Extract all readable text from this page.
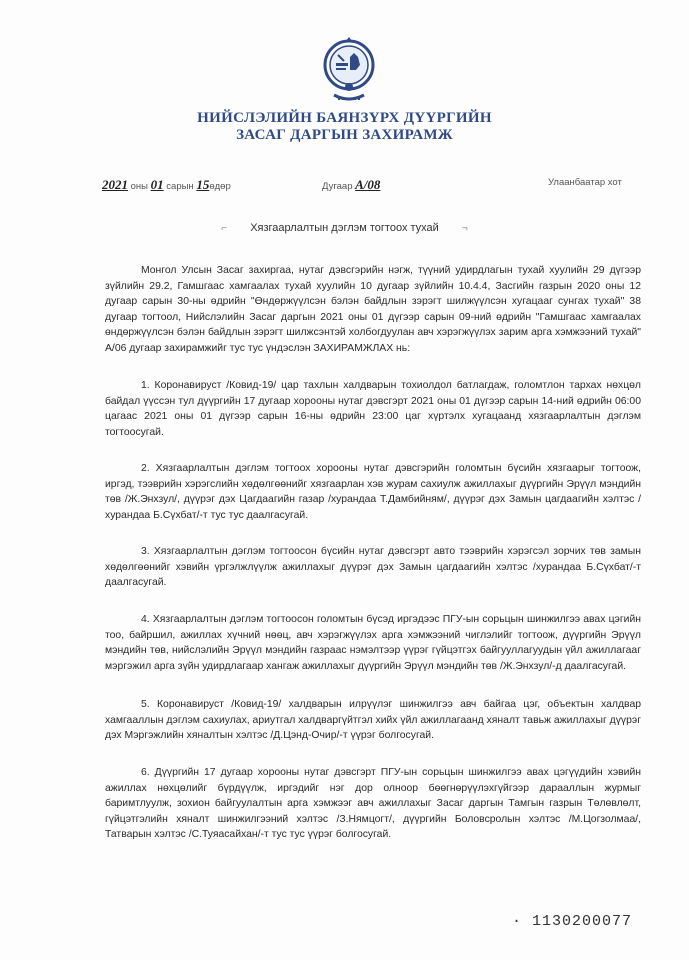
НИЙСЛЭЛИЙН БАЯНЗҮРХ ДҮҮРГИЙН
ЗАСАГ ДАРГЫН ЗАХИРАМЖ
2021 оны 01 сарын 15өдөр	Дугаар А/08	Улаанбаатар хот
⌐ Хязгаарлалтын дэглэм тогтоох тухай ¬

Монгол Улсын Засаг захиргаа, нутаг дэвсгэрийн нэгж, түүний удирдлагын тухай хуулийн 29 дүгээр зүйлийн 29.2, Гамшгаас хамгаалах тухай хуулийн 10 дугаар зүйлийн 10.4.4, Засгийн газрын 2020 оны 12 дугаар сарын 30-ны өдрийн "Өндөржүүлсэн бэлэн байдлын зэрэгт шилжүүлсэн хугацааг сунгах тухай" 38 дугаар тогтоол, Нийслэлийн Засаг даргын 2021 оны 01 дүгээр сарын 09-ний өдрийн "Гамшгаас хамгаалах өндөржүүлсэн бэлэн байдлын зэрэгт шилжсэнтэй холбогдуулан авч хэрэгжүүлэх зарим арга хэмжээний тухай" А/06 дугаар захирамжийг тус тус үндэслэн ЗАХИРАМЖЛАХ нь:

1. Коронавируст /Ковид-19/ цар тахлын халдварын тохиолдол батлагдаж, голомтлон тархах нөхцөл байдал үүссэн тул дүүргийн 17 дугаар хорооны нутаг дэвсгэрт 2021 оны 01 дүгээр сарын 14-ний өдрийн 06:00 цагаас 2021 оны 01 дүгээр сарын 16-ны өдрийн 23:00 цаг хүртэлх хугацаанд хязгаарлалтын дэглэм тогтоосугай.

2. Хязгаарлалтын дэглэм тогтоох хорооны нутаг дэвсгэрийн голомтын бүсийн хязгаарыг тогтоож, иргэд, тээврийн хэрэгслийн хөдөлгөөнийг хязгаарлан хэв журам сахиулж ажиллахыг дүүргийн Эрүүл мэндийн төв /Ж.Энхзул/, дүүрэг дэх Цагдаагийн газар /хурандаа Т.Дамбийням/, дүүрэг дэх Замын цагдаагийн хэлтэс /хурандаа Б.Сүхбат/-т тус тус даалгасугай.

3. Хязгаарлалтын дэглэм тогтоосон бүсийн нутаг дэвсгэрт авто тээврийн хэрэгсэл зорчих төв замын хөдөлгөөнийг хэвийн үргэлжлүүлж ажиллахыг дүүрэг дэх Замын цагдаагийн хэлтэс /хурандаа Б.Сүхбат/-т даалгасугай.

4. Хязгаарлалтын дэглэм тогтоосон голомтын бүсэд иргэдээс ПГУ-ын сорьцын шинжилгээ авах цэгийн тоо, байршил, ажиллах хүчний нөөц, авч хэрэгжүүлэх арга хэмжээний чиглэлийг тогтоож, дүүргийн Эрүүл мэндийн төв, нийслэлийн Эрүүл мэндийн газраас нэмэлтээр үүрэг гүйцэтгэх байгууллагуудын үйл ажиллагааг мэргэжил арга зүйн удирдлагаар хангаж ажиллахыг дүүргийн Эрүүл мэндийн төв /Ж.Энхзул/-д даалгасугай.

5. Коронавируст /Ковид-19/ халдварын илрүүлэг шинжилгээ авч байгаа цэг, объектын халдвар хамгааллын дэглэм сахиулах, ариутгал халдваргүйтгэл хийх үйл ажиллагаанд хяналт тавьж ажиллахыг дүүрэг дэх Мэргэжлийн хяналтын хэлтэс /Д.Цэнд-Очир/-т үүрэг болгосугай.

6. Дүүргийн 17 дугаар хорооны нутаг дэвсгэрт ПГУ-ын сорьцын шинжилгээ авах цэгүүдийн хэвийн ажиллах нөхцөлийг бүрдүүлж, иргэдийг нэг дор олноор бөөгнөрүүлэхгүйгээр дарааллын журмыг баримтлуулж, зохион байгуулалтын арга хэмжээг авч ажиллахыг Засаг даргын Тамгын газрын Төлөвлөлт, гүйцэтгэлийн хяналт шинжилгээний хэлтэс /З.Нямцогт/, дүүргийн Боловсролын хэлтэс /М.Цогзолмаа/, Татварын хэлтэс /С.Туяасайхан/-т тус тус үүрэг болгосугай.

· 1130200077
